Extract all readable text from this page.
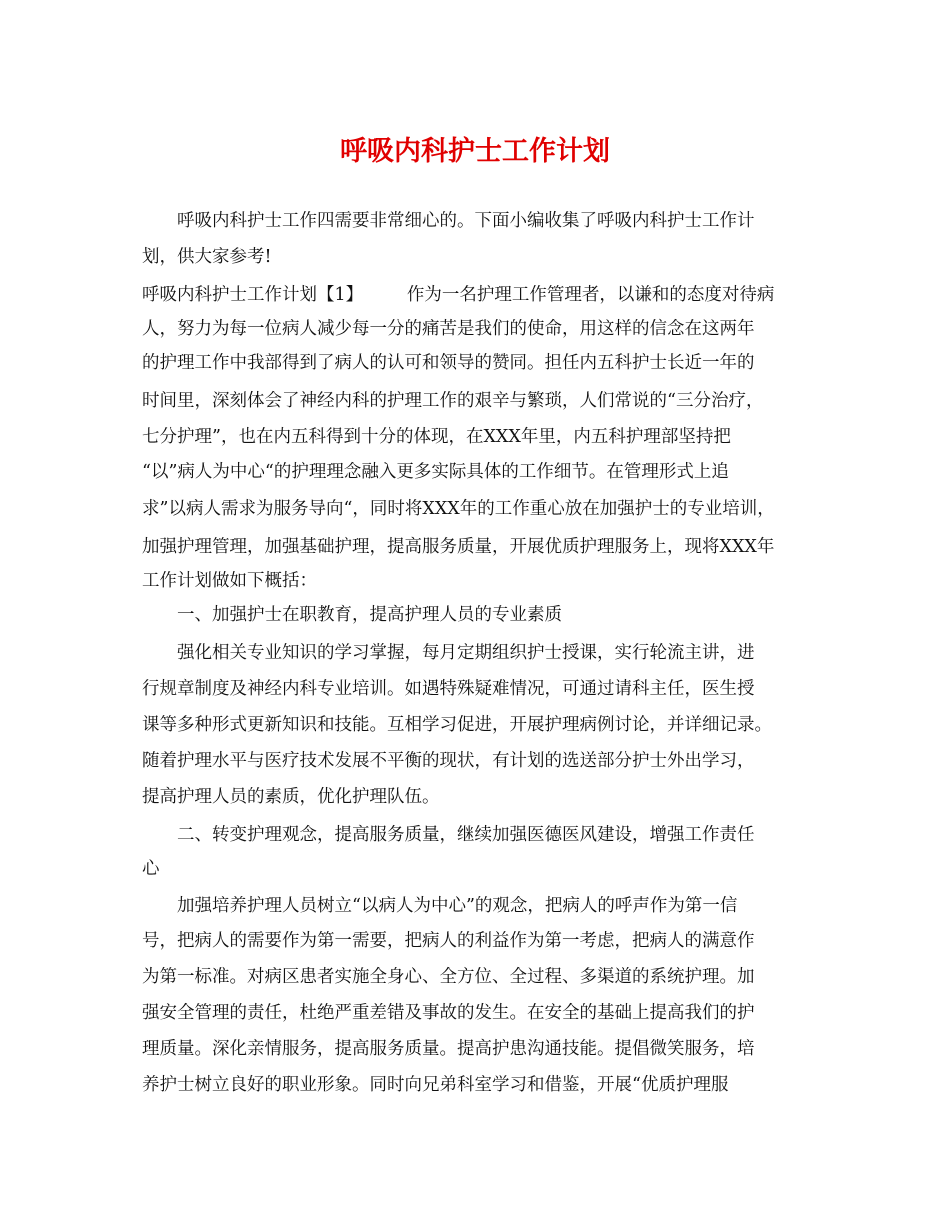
呼吸内科护士工作计划
呼吸内科护士工作四需要非常细心的。下面小编收集了呼吸内科护士工作计
划，供大家参考!
呼吸内科护士工作计划【1】　　　作为一名护理工作管理者，以谦和的态度对待病
人，努力为每一位病人减少每一分的痛苦是我们的使命，用这样的信念在这两年
的护理工作中我部得到了病人的认可和领导的赞同。担任内五科护士长近一年的
时间里，深刻体会了神经内科的护理工作的艰辛与繁琐，人们常说的“三分治疗，
七分护理”，也在内五科得到十分的体现，在XXX年里，内五科护理部坚持把
“以”病人为中心“的护理理念融入更多实际具体的工作细节。在管理形式上追
求”以病人需求为服务导向“，同时将XXX年的工作重心放在加强护士的专业培训，
加强护理管理，加强基础护理，提高服务质量，开展优质护理服务上，现将XXX年
工作计划做如下概括：
一、加强护士在职教育，提高护理人员的专业素质
强化相关专业知识的学习掌握，每月定期组织护士授课，实行轮流主讲，进
行规章制度及神经内科专业培训。如遇特殊疑难情况，可通过请科主任，医生授
课等多种形式更新知识和技能。互相学习促进，开展护理病例讨论，并详细记录。
随着护理水平与医疗技术发展不平衡的现状，有计划的选送部分护士外出学习，
提高护理人员的素质，优化护理队伍。
二、转变护理观念，提高服务质量，继续加强医德医风建设，增强工作责任
心
加强培养护理人员树立“以病人为中心”的观念，把病人的呼声作为第一信
号，把病人的需要作为第一需要，把病人的利益作为第一考虑，把病人的满意作
为第一标准。对病区患者实施全身心、全方位、全过程、多渠道的系统护理。加
强安全管理的责任，杜绝严重差错及事故的发生。在安全的基础上提高我们的护
理质量。深化亲情服务，提高服务质量。提高护患沟通技能。提倡微笑服务，培
养护士树立良好的职业形象。同时向兄弟科室学习和借鉴，开展“优质护理服
